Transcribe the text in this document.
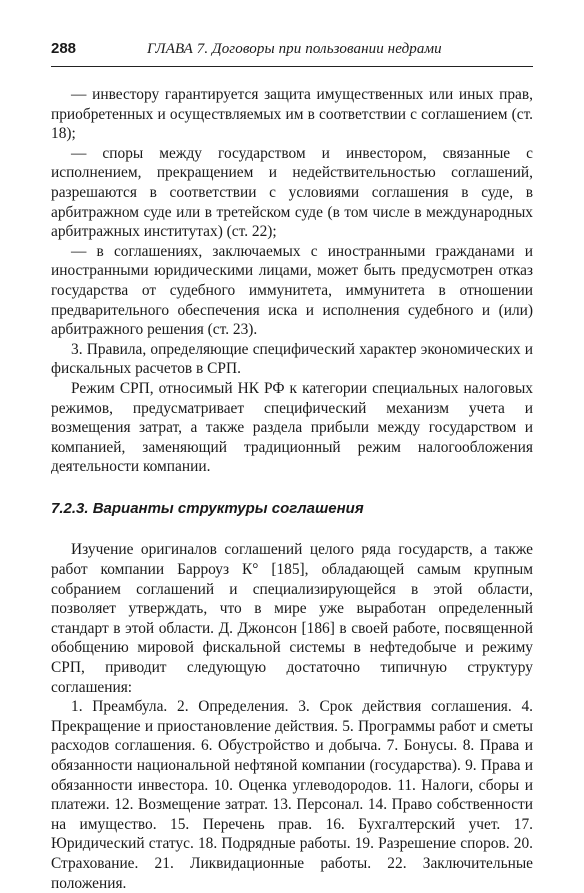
288	ГЛАВА 7. Договоры при пользовании недрами

— инвестору гарантируется защита имущественных или иных прав, приобретенных и осуществляемых им в соответствии с соглашением (ст. 18);

— споры между государством и инвестором, связанные с исполнением, прекращением и недействительностью соглашений, разрешаются в соответствии с условиями соглашения в суде, в арбитражном суде или в третейском суде (в том числе в международных арбитражных институтах) (ст. 22);

— в соглашениях, заключаемых с иностранными гражданами и иностранными юридическими лицами, может быть предусмотрен отказ государства от судебного иммунитета, иммунитета в отношении предварительного обеспечения иска и исполнения судебного и (или) арбитражного решения (ст. 23).

3. Правила, определяющие специфический характер экономических и фискальных расчетов в СРП.

Режим СРП, относимый НК РФ к категории специальных налоговых режимов, предусматривает специфический механизм учета и возмещения затрат, а также раздела прибыли между государством и компанией, заменяющий традиционный режим налогообложения деятельности компании.

7.2.3. Варианты структуры соглашения

Изучение оригиналов соглашений целого ряда государств, а также работ компании Барроуз К° [185], обладающей самым крупным собранием соглашений и специализирующейся в этой области, позволяет утверждать, что в мире уже выработан определенный стандарт в этой области. Д. Джонсон [186] в своей работе, посвященной обобщению мировой фискальной системы в нефтедобыче и режиму СРП, приводит следующую достаточно типичную структуру соглашения:

1. Преамбула. 2. Определения. 3. Срок действия соглашения. 4. Прекращение и приостановление действия. 5. Программы работ и сметы расходов соглашения. 6. Обустройство и добыча. 7. Бонусы. 8. Права и обязанности национальной нефтяной компании (государства). 9. Права и обязанности инвестора. 10. Оценка углеводородов. 11. Налоги, сборы и платежи. 12. Возмещение затрат. 13. Персонал. 14. Право собственности на имущество. 15. Перечень прав. 16. Бухгалтерский учет. 17. Юридический статус. 18. Подрядные работы. 19. Разрешение споров. 20. Страхование. 21. Ликвидационные работы. 22. Заключительные положения.
